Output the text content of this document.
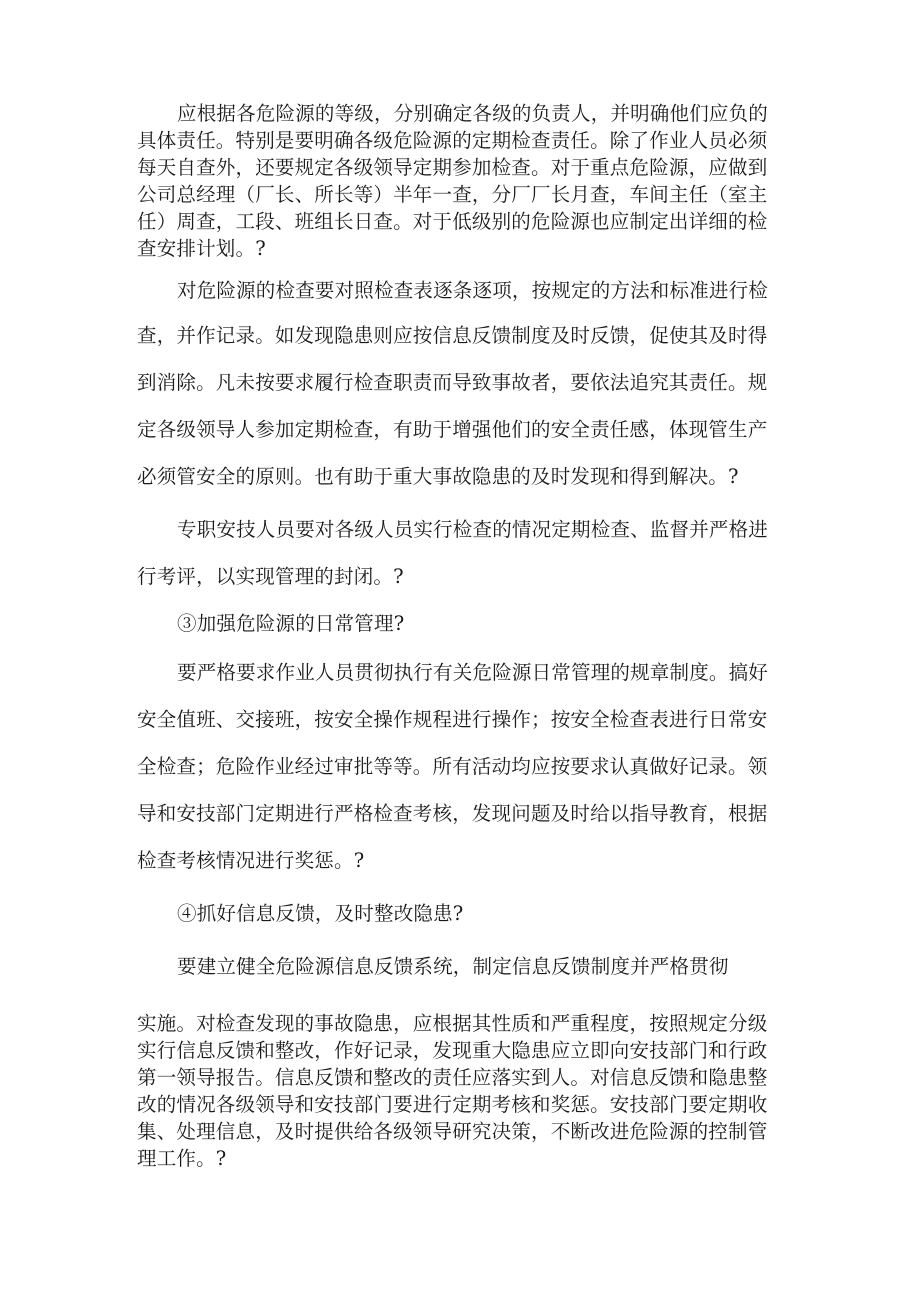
应根据各危险源的等级，分别确定各级的负责人，并明确他们应负的
具体责任。特别是要明确各级危险源的定期检查责任。除了作业人员必须
每天自查外，还要规定各级领导定期参加检查。对于重点危险源，应做到
公司总经理（厂长、所长等）半年一查，分厂厂长月查，车间主任（室主
任）周查，工段、班组长日查。对于低级别的危险源也应制定出详细的检
查安排计划。?
对危险源的检查要对照检查表逐条逐项，按规定的方法和标准进行检
查，并作记录。如发现隐患则应按信息反馈制度及时反馈，促使其及时得
到消除。凡未按要求履行检查职责而导致事故者，要依法追究其责任。规
定各级领导人参加定期检查，有助于增强他们的安全责任感，体现管生产
必须管安全的原则。也有助于重大事故隐患的及时发现和得到解决。?
专职安技人员要对各级人员实行检查的情况定期检查、监督并严格进
行考评，以实现管理的封闭。?
③加强危险源的日常管理?
要严格要求作业人员贯彻执行有关危险源日常管理的规章制度。搞好
安全值班、交接班，按安全操作规程进行操作；按安全检查表进行日常安
全检查；危险作业经过审批等等。所有活动均应按要求认真做好记录。领
导和安技部门定期进行严格检查考核，发现问题及时给以指导教育，根据
检查考核情况进行奖惩。?
④抓好信息反馈，及时整改隐患?
要建立健全危险源信息反馈系统，制定信息反馈制度并严格贯彻
实施。对检查发现的事故隐患，应根据其性质和严重程度，按照规定分级
实行信息反馈和整改，作好记录，发现重大隐患应立即向安技部门和行政
第一领导报告。信息反馈和整改的责任应落实到人。对信息反馈和隐患整
改的情况各级领导和安技部门要进行定期考核和奖惩。安技部门要定期收
集、处理信息，及时提供给各级领导研究决策，不断改进危险源的控制管
理工作。?
